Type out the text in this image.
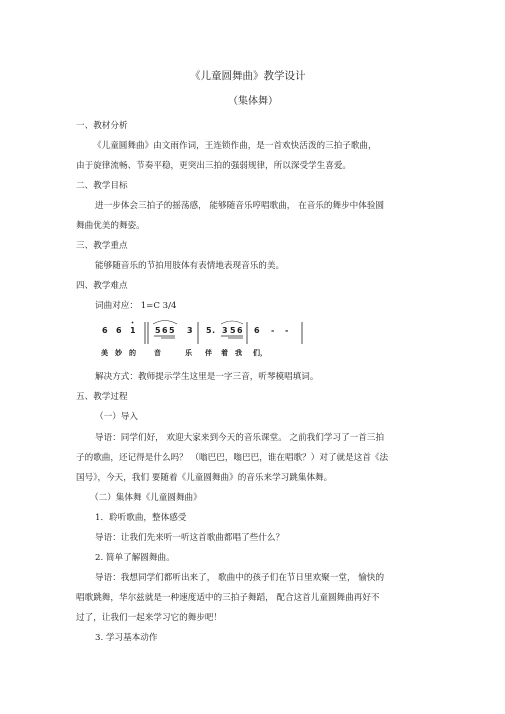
《儿童圆舞曲》教学设计
（集体舞）
一、教材分析
《儿童圆舞曲》由文雨作词，王连锁作曲，是一首欢快活泼的三拍子歌曲，
由于旋律流畅、节奏平稳，更突出三拍的强弱规律，所以深受学生喜爱。
二、教学目标
进一步体会三拍子的摇荡感， 能够随音乐哼唱歌曲， 在音乐的舞步中体验圆
舞曲优美的舞姿。
三、教学重点
能够随音乐的节拍用肢体有表情地表现音乐的美。
四、教学难点
词曲对应： 1=C 3/4
6 6 1 5 6 5 3 5 . 3 5 6 6 - -
美 妙 的	音	乐 伴 着 我 们，
解决方式：教师提示学生这里是一字三音，听琴模唱填词。
五、教学过程
（一）导入
导语：同学们好， 欢迎大家来到今天的音乐课堂。 之前我们学习了一首三拍
子的歌曲，还记得是什么吗？ （嗡巴巴，嗡巴巴，谁在唱歌？）对了就是这首《法
国号》，今天，我们 要随着《儿童圆舞曲》的音乐来学习跳集体舞。
（二）集体舞《儿童圆舞曲》
1．聆听歌曲，整体感受
导语：让我们先来听一听这首歌曲都唱了些什么？
2. 简单了解圆舞曲。
导语：我想同学们都听出来了， 歌曲中的孩子们在节日里欢聚一堂， 愉快的
唱歌跳舞，华尔兹就是一种速度适中的三拍子舞蹈， 配合这首儿童圆舞曲再好不
过了，让我们一起来学习它的舞步吧！
3. 学习基本动作
